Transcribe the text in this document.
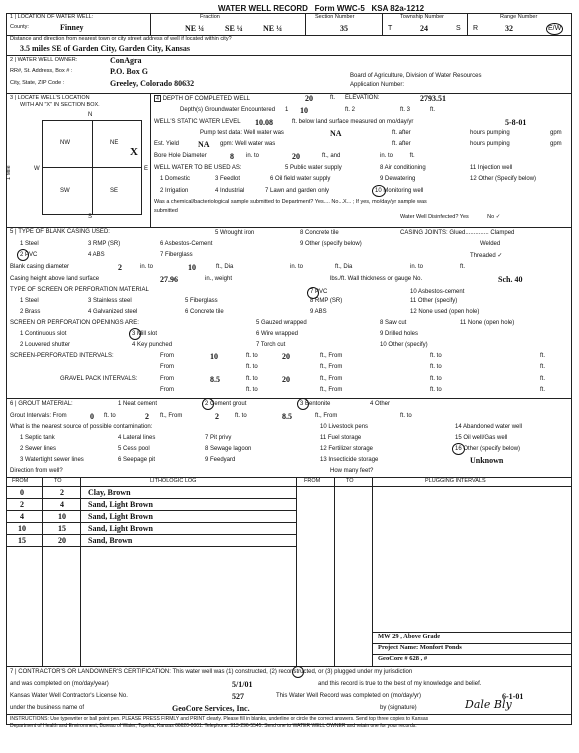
WATER WELL RECORD Form WWC-5 KSA 82a-1212
1 | LOCATION OF WATER WELL:
County:	Finney
Fraction
NE ¼	SE ¼	NE ¼
Section Number
35
Township Number
T	24	S
Range Number
R	32	E/W
Distance and direction from nearest town or city street address of well if located within city?
3.5 miles SE of Garden City, Garden City, Kansas
2 | WATER WELL OWNER:	ConAgra
RR#, St. Address, Box # :	P.O. Box G
City, State, ZIP Code :	Greeley, Colorado 80632
Board of Agriculture, Division of Water Resources
Application Number:
3 | LOCATE WELL'S LOCATION
WITH AN "X" IN SECTION BOX.
N
S
W	E
1 Mile
NW	NE
SW	SE
X
4 DEPTH OF COMPLETED WELL	20	ft. ELEVATION:	2793.51
Depth(s) Groundwater Encountered 1 10	ft. 2	ft. 3            ft.
WELL'S STATIC WATER LEVEL 10.08	ft. below land surface measured on mo/day/yr	5-8-01
Pump test data: Well water was	NA	ft. after	hours pumping	gpm
Est. Yield NA gpm: Well water was	ft. after	hours pumping	gpm
Bore Hole Diameter	8 in. to	20	ft., and	in. to          ft.
WELL WATER TO BE USED AS:
1 Domestic	3 Feedlot
5 Public water supply	8 Air conditioning	11 Injection well
2 Irrigation	4 Industrial	7 Lawn and garden only
9 Dewatering	12 Other (Specify below)
6 Oil field water supply
10 Monitoring well
Was a chemical/bacteriological sample submitted to Department? Yes.... No...X... ; If yes, mo/day/yr sample was
submitted
Water Well Disinfected? Yes	No ✓
5 | TYPE OF BLANK CASING USED:
1 Steel
2 PVC	4 ABS
3 RMP (SR)	6 Asbestos-Cement
7 Fiberglass
5 Wrought iron	8 Concrete tile
9 Other (specify below)
CASING JOINTS: Glued.............. Clamped
Welded
Threaded ✓
Blank casing diameter	2	in. to	10	ft., Dia	in. to	ft., Dia	in. to	ft.
Casing height above land surface	27.96	in., weight	lbs./ft. Wall thickness or gauge No.	Sch. 40
TYPE OF SCREEN OR PERFORATION MATERIAL
1 Steel	3 Stainless steel	5 Fiberglass
7 PVC	10 Asbestos-cement
2 Brass	4 Galvanized steel	6 Concrete tile
8 RMP (SR)
9 ABS
11 Other (specify)
12 None used (open hole)
SCREEN OR PERFORATION OPENINGS ARE:
1 Continuous slot	3 Mill slot
5 Gauzed wrapped	8 Saw cut	11 None (open hole)
2 Louvered shutter	4 Key punched
6 Wire wrapped
7 Torch cut
9 Drilled holes
10 Other (specify)
SCREEN-PERFORATED INTERVALS:	From	10	ft. to	20	ft., From	ft. to	ft.
From	ft. to	ft., From	ft. to	ft.
GRAVEL PACK INTERVALS:	From	8.5	ft. to	20	ft., From	ft. to	ft.
From	ft. to	ft., From	ft. to	ft.
6 | GROUT MATERIAL:	1 Neat cement	2 Cement grout	3 Bentonite	4 Other
Grout Intervals: From	0 ft. to	2 ft., From	2	ft. to	8.5	ft., From	ft. to
What is the nearest source of possible contamination:
1 Septic tank
2 Sewer lines
3 Watertight sewer lines
4 Lateral lines
5 Cess pool
6 Seepage pit
7 Pit privy
8 Sewage lagoon
9 Feedyard
10 Livestock pens
11 Fuel storage
12 Fertilizer storage
13 Insecticide storage
14 Abandoned water well
15 Oil well/Gas well
16 Other (specify below)
Unknown
Direction from well?	How many feet?
FROM	TO	LITHOLOGIC LOG	FROM	TO	PLUGGING INTERVALS
0	2	Clay, Brown
2	4	Sand, Light Brown
4	10	Sand, Light Brown
10	15	Sand, Light Brown
15	20	Sand, Brown
MW 29 , Above Grade
Project Name: Monfort Ponds
GeoCore # 628 , #
7 | CONTRACTOR'S OR LANDOWNER'S CERTIFICATION: This water well was (1) constructed, (2) reconstructed, or (3) plugged under my jurisdiction
and was completed on (mo/day/year)	5/1/01	and this record is true to the best of my knowledge and belief.
Kansas Water Well Contractor's License No.	527	This Water Well Record was completed on (mo/day/yr)	6-1-01
under the business name of	GeoCore Services, Inc.	by (signature)	Dale Bly
INSTRUCTIONS: Use typewriter or ball point pen. PLEASE PRESS FIRMLY and PRINT clearly. Please fill in blanks, underline or circle the correct answers. Send top three copies to Kansas
Department of Health and Environment, Bureau of Water, Topeka, Kansas 66620-0001. Telephone: 913-296-5545. Send one to WATER WELL OWNER and retain one for your records.
